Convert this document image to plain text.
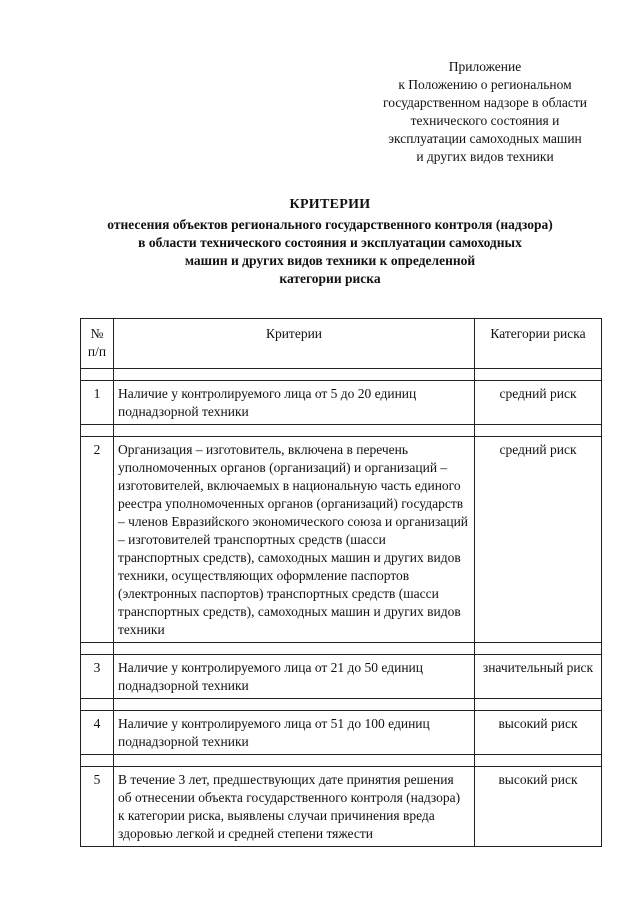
Приложение
к Положению о региональном
государственном надзоре в области
технического состояния и
эксплуатации самоходных машин
и других видов техники
КРИТЕРИИ
отнесения объектов регионального государственного контроля (надзора)
в области технического состояния и эксплуатации самоходных
машин и других видов техники к определенной
категории риска
№ п/п	Критерии	Категории риска

1	Наличие у контролируемого лица от 5 до 20 единиц поднадзорной техники	средний риск

2	Организация – изготовитель, включена в перечень уполномоченных органов (организаций) и организаций – изготовителей, включаемых в национальную часть единого реестра уполномоченных органов (организаций) государств – членов Евразийского экономического союза и организаций – изготовителей транспортных средств (шасси транспортных средств), самоходных машин и других видов техники, осуществляющих оформление паспортов (электронных паспортов) транспортных средств (шасси транспортных средств), самоходных машин и других видов техники	средний риск

3	Наличие у контролируемого лица от 21 до 50 единиц поднадзорной техники	значительный риск

4	Наличие у контролируемого лица от 51 до 100 единиц поднадзорной техники	высокий риск

5	В течение 3 лет, предшествующих дате принятия решения об отнесении объекта государственного контроля (надзора) к категории риска, выявлены случаи причинения вреда здоровью легкой и средней степени тяжести	высокий риск
